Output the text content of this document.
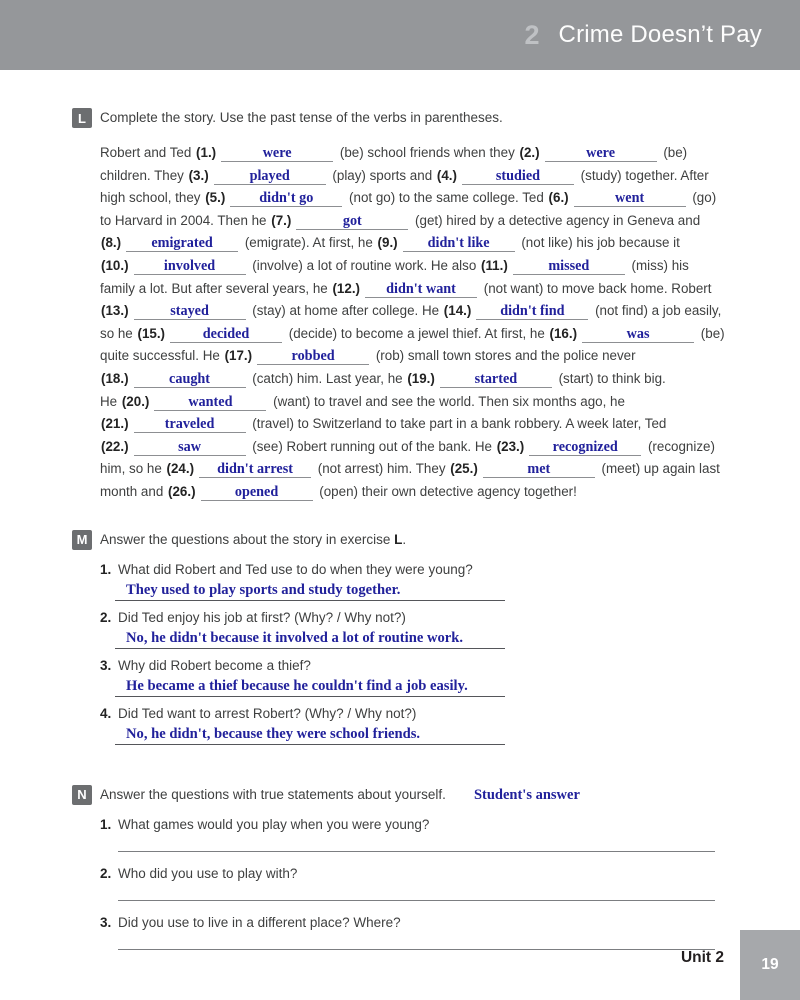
2 Crime Doesn’t Pay
L	Complete the story. Use the past tense of the verbs in parentheses.

Robert and Ted (1.)	were	(be) school friends when they (2.)	were	(be)
children. They (3.)	played	(play) sports and (4.)	studied	(study) together. After
high school, they (5.) didn't go (not go) to the same college. Ted (6.)	went	(go)
to Harvard in 2004. Then he (7.)	got	(get) hired by a detective agency in Geneva and
(8.) emigrated (emigrate). At first, he (9.) didn't like (not like) his job because it
(10.) involved (involve) a lot of routine work. He also (11.)	missed	(miss) his
family a lot. But after several years, he (12.) didn't want (not want) to move back home. Robert
(13.)	stayed	(stay) at home after college. He (14.) didn't find (not find) a job easily,
so he (15.)	decided	(decide) to become a jewel thief. At first, he (16.)	was	(be)
quite successful. He (17.)	robbed	(rob) small town stores and the police never
(18.)	caught	(catch) him. Last year, he (19.)	started	(start) to think big.
He (20.)	wanted	(want) to travel and see the world. Then six months ago, he
(21.)	traveled	(travel) to Switzerland to take part in a bank robbery. A week later, Ted
(22.)	saw	(see) Robert running out of the bank. He (23.) recognized (recognize)
him, so he (24.) didn't arrest (not arrest) him. They (25.)	met	(meet) up again last
month and (26.)	opened	(open) their own detective agency together!
M Answer the questions about the story in exercise L.

1. What did Robert and Ted use to do when they were young?
They used to play sports and study together.
2. Did Ted enjoy his job at first? (Why? / Why not?)
No, he didn't because it involved a lot of routine work.
3. Why did Robert become a thief?
He became a thief because he couldn't find a job easily.
4. Did Ted want to arrest Robert? (Why? / Why not?)
No, he didn't, because they were school friends.
N Answer the questions with true statements about yourself. Student's answer

1. What games would you play when you were young?
2. Who did you use to play with?
3. Did you use to live in a different place? Where?
Unit 2 19
